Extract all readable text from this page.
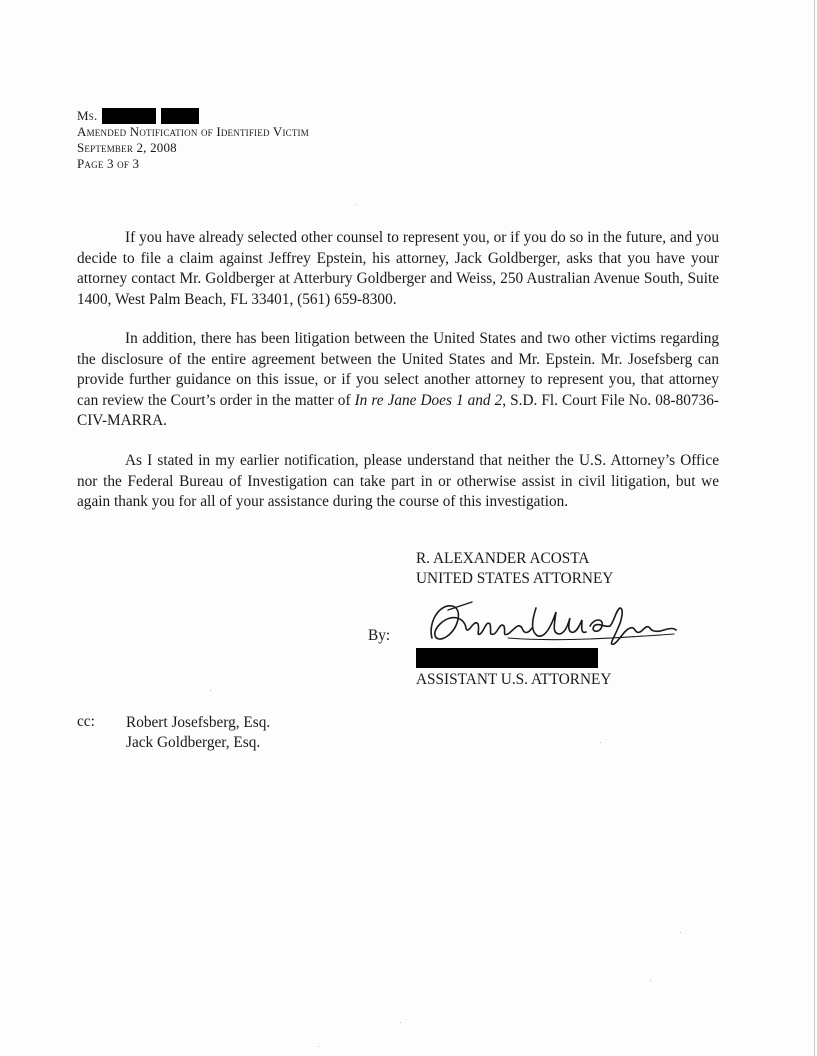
Ms.
Amended Notification of Identified Victim
September 2, 2008
Page 3 of 3

If you have already selected other counsel to represent you, or if you do so in the future, and you decide to file a claim against Jeffrey Epstein, his attorney, Jack Goldberger, asks that you have your attorney contact Mr. Goldberger at Atterbury Goldberger and Weiss, 250 Australian Avenue South, Suite 1400, West Palm Beach, FL 33401, (561) 659-8300.

In addition, there has been litigation between the United States and two other victims regarding the disclosure of the entire agreement between the United States and Mr. Epstein. Mr. Josefsberg can provide further guidance on this issue, or if you select another attorney to represent you, that attorney can review the Court’s order in the matter of In re Jane Does 1 and 2, S.D. Fl. Court File No. 08-80736-CIV-MARRA.

As I stated in my earlier notification, please understand that neither the U.S. Attorney’s Office nor the Federal Bureau of Investigation can take part in or otherwise assist in civil litigation, but we again thank you for all of your assistance during the course of this investigation.

R. ALEXANDER ACOSTA
UNITED STATES ATTORNEY
By:
ASSISTANT U.S. ATTORNEY
cc: Robert Josefsberg, Esq.
Jack Goldberger, Esq.
